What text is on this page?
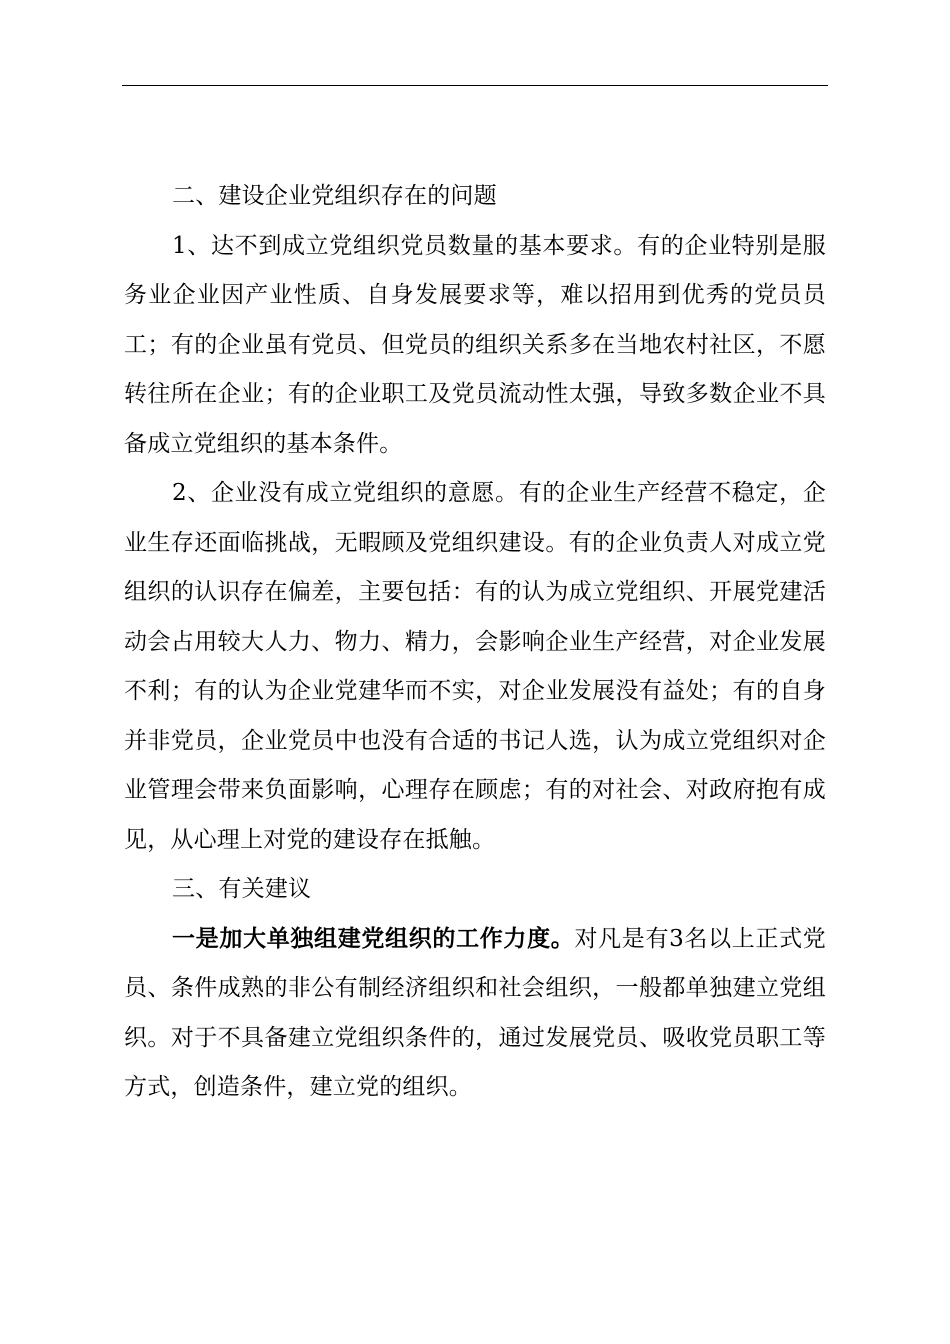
二、建设企业党组织存在的问题

1、达不到成立党组织党员数量的基本要求。有的企业特别是服务业企业因产业性质、自身发展要求等，难以招用到优秀的党员员工；有的企业虽有党员、但党员的组织关系多在当地农村社区，不愿转往所在企业；有的企业职工及党员流动性太强，导致多数企业不具备成立党组织的基本条件。

2、企业没有成立党组织的意愿。有的企业生产经营不稳定，企业生存还面临挑战，无暇顾及党组织建设。有的企业负责人对成立党组织的认识存在偏差，主要包括：有的认为成立党组织、开展党建活动会占用较大人力、物力、精力，会影响企业生产经营，对企业发展不利；有的认为企业党建华而不实，对企业发展没有益处；有的自身并非党员，企业党员中也没有合适的书记人选，认为成立党组织对企业管理会带来负面影响，心理存在顾虑；有的对社会、对政府抱有成见，从心理上对党的建设存在抵触。

三、有关建议

一是加大单独组建党组织的工作力度。对凡是有3名以上正式党员、条件成熟的非公有制经济组织和社会组织，一般都单独建立党组织。对于不具备建立党组织条件的，通过发展党员、吸收党员职工等方式，创造条件，建立党的组织。
